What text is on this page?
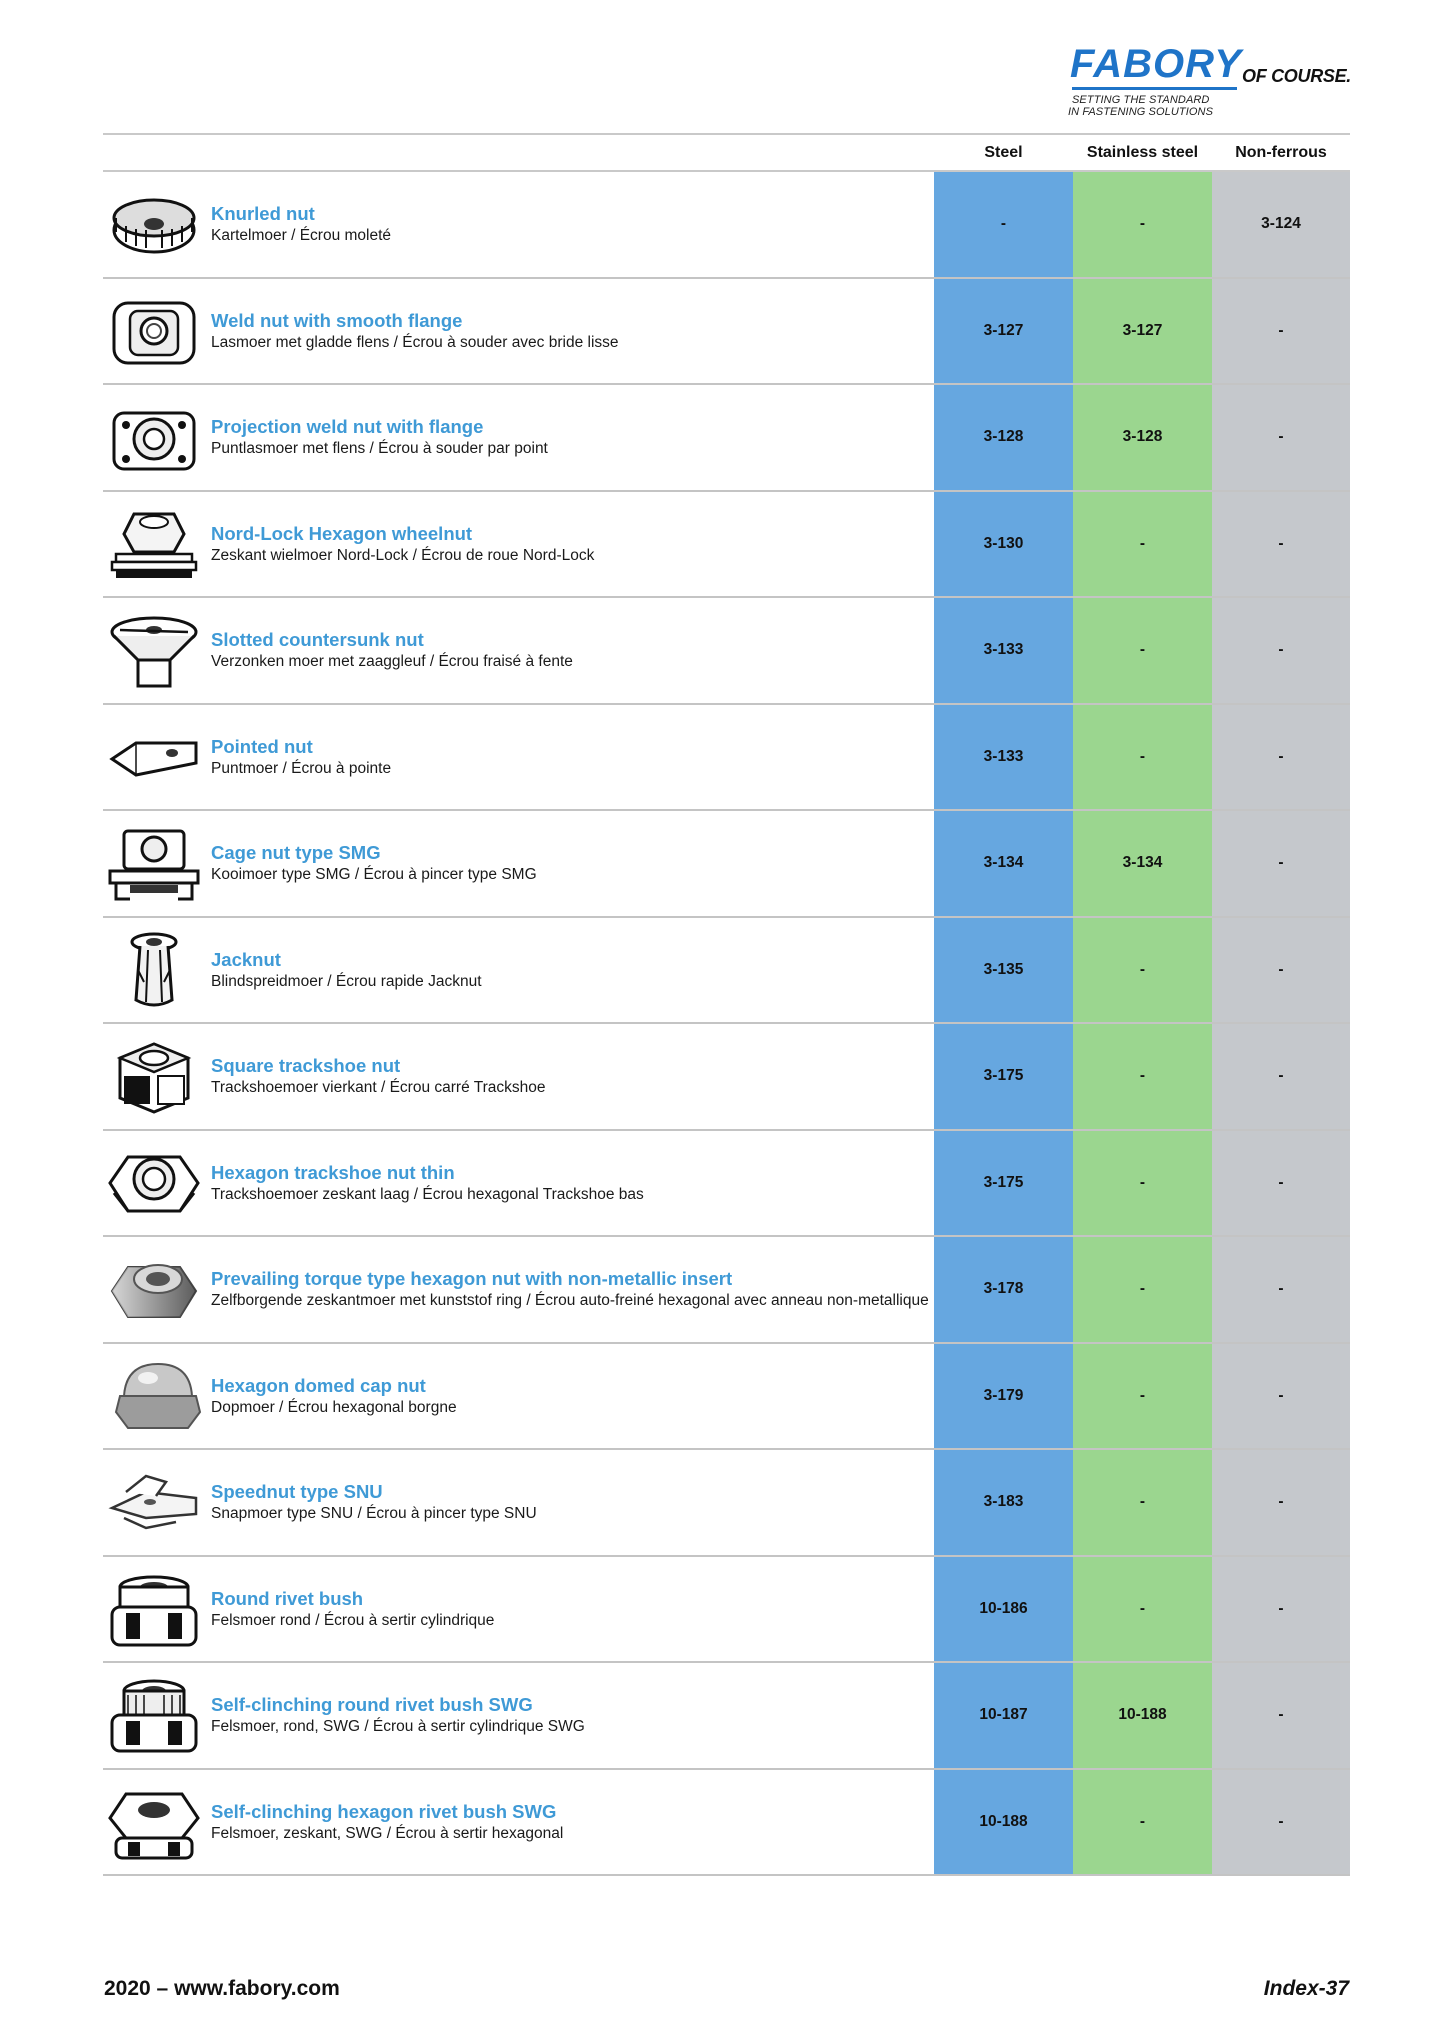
FABORY OF COURSE.
SETTING THE STANDARD
IN FASTENING SOLUTIONS
Steel	Stainless steel	Non-ferrous
Knurled nut
Kartelmoer / Écrou moleté
-	-	3-124
Weld nut with smooth flange
Lasmoer met gladde flens / Écrou à souder avec bride lisse
3-127	3-127	-
Projection weld nut with flange
Puntlasmoer met flens / Écrou à souder par point
3-128	3-128	-
Nord-Lock Hexagon wheelnut
Zeskant wielmoer Nord-Lock / Écrou de roue Nord-Lock
3-130	-	-
Slotted countersunk nut
Verzonken moer met zaaggleuf / Écrou fraisé à fente
3-133	-	-
Pointed nut
Puntmoer / Écrou à pointe
3-133	-	-
Cage nut type SMG
Kooimoer type SMG / Écrou à pincer type SMG
3-134	3-134	-
Jacknut
Blindspreidmoer / Écrou rapide Jacknut
3-135	-	-
Square trackshoe nut
Trackshoemoer vierkant / Écrou carré Trackshoe
3-175	-	-
Hexagon trackshoe nut thin
Trackshoemoer zeskant laag / Écrou hexagonal Trackshoe bas
3-175	-	-
Prevailing torque type hexagon nut with non-metallic insert
Zelfborgende zeskantmoer met kunststof ring / Écrou auto-freiné hexagonal avec anneau non-metallique
3-178	-	-
Hexagon domed cap nut
Dopmoer / Écrou hexagonal borgne
3-179	-	-
Speednut type SNU
Snapmoer type SNU / Écrou à pincer type SNU
3-183	-	-
Round rivet bush
Felsmoer rond / Écrou à sertir cylindrique
10-186	-	-
Self-clinching round rivet bush SWG
Felsmoer, rond, SWG / Écrou à sertir cylindrique SWG
10-187	10-188	-
Self-clinching hexagon rivet bush SWG
Felsmoer, zeskant, SWG / Écrou à sertir hexagonal
10-188	-	-
2020 – www.fabory.com	Index-37
